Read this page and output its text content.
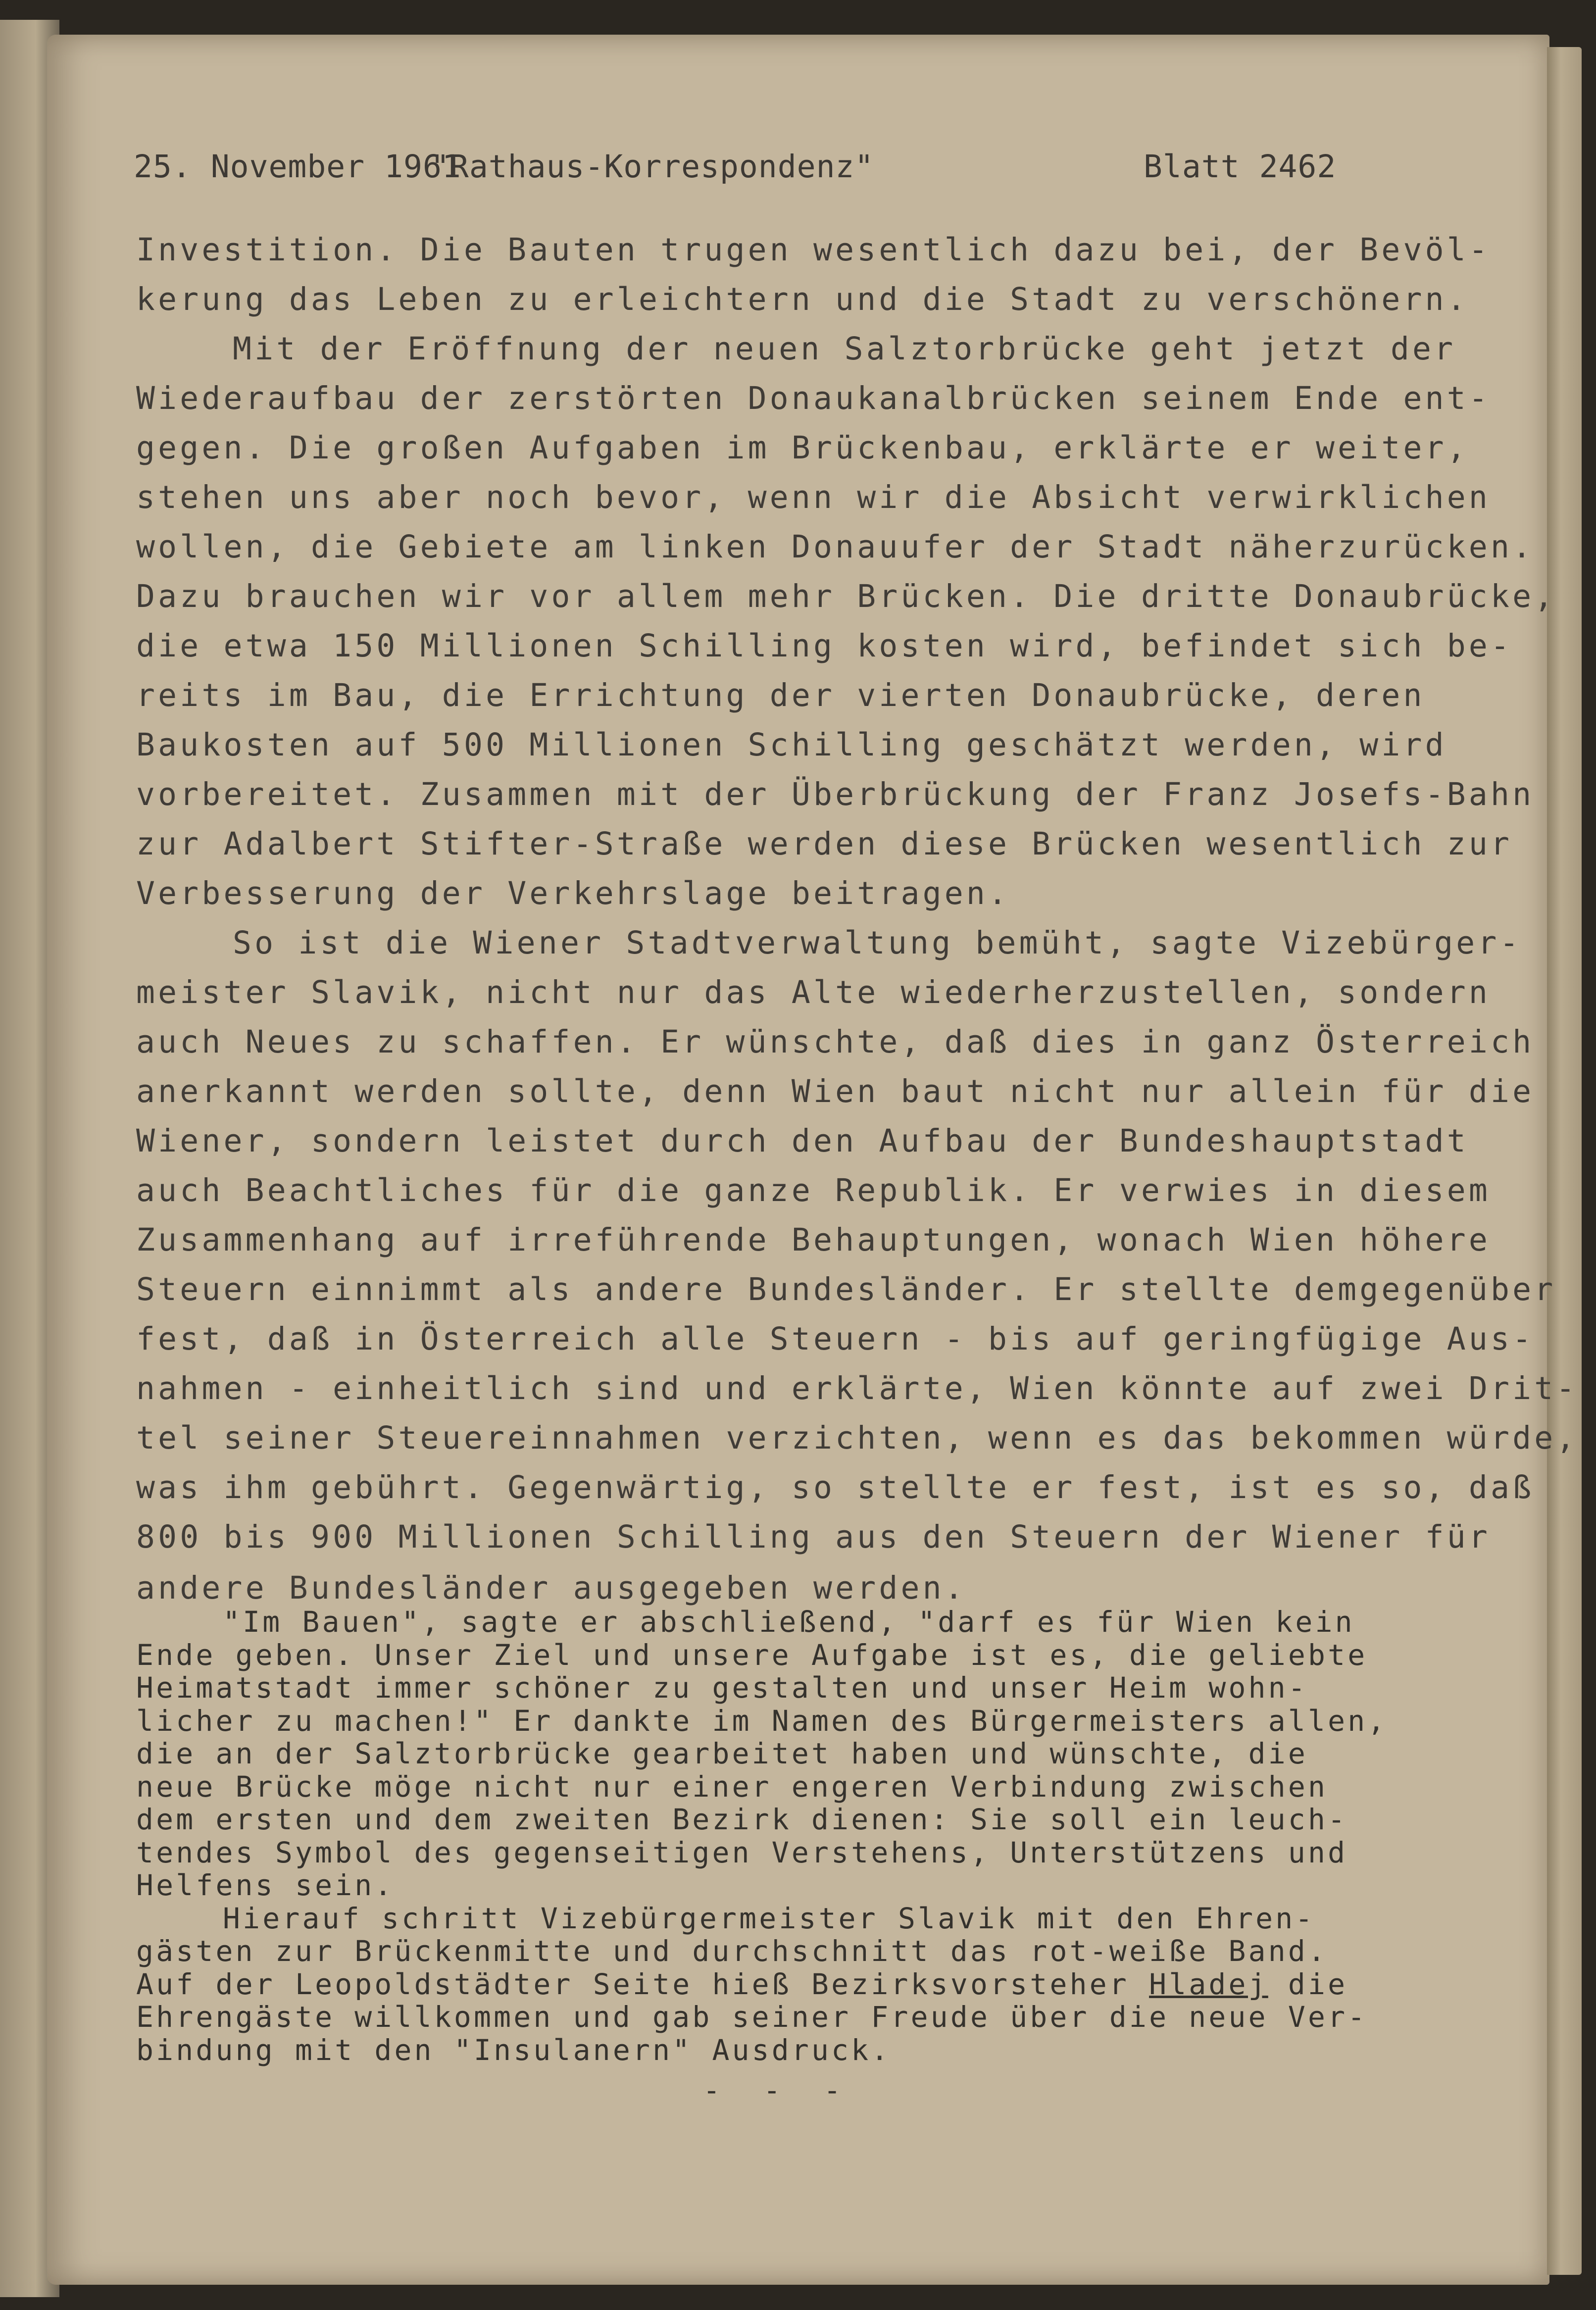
25. November 1961

"Rathaus-Korrespondenz"

	Blatt 2462

Investition. Die Bauten trugen wesentlich dazu bei, der Bevöl-
kerung das Leben zu erleichtern und die Stadt zu verschönern.
Mit der Eröffnung der neuen Salztorbrücke geht jetzt der
Wiederaufbau der zerstörten Donaukanalbrücken seinem Ende ent-
gegen. Die großen Aufgaben im Brückenbau, erklärte er weiter,
stehen uns aber noch bevor, wenn wir die Absicht verwirklichen
wollen, die Gebiete am linken Donauufer der Stadt näherzurücken.
Dazu brauchen wir vor allem mehr Brücken. Die dritte Donaubrücke,
die etwa 150 Millionen Schilling kosten wird, befindet sich be-
reits im Bau, die Errichtung der vierten Donaubrücke, deren
Baukosten auf 500 Millionen Schilling geschätzt werden, wird
vorbereitet. Zusammen mit der Überbrückung der Franz Josefs-Bahn
zur Adalbert Stifter-Straße werden diese Brücken wesentlich zur
Verbesserung der Verkehrslage beitragen.
So ist die Wiener Stadtverwaltung bemüht, sagte Vizebürger-
meister Slavik, nicht nur das Alte wiederherzustellen, sondern
auch Neues zu schaffen. Er wünschte, daß dies in ganz Österreich
anerkannt werden sollte, denn Wien baut nicht nur allein für die
Wiener, sondern leistet durch den Aufbau der Bundeshauptstadt
auch Beachtliches für die ganze Republik. Er verwies in diesem
Zusammenhang auf irreführende Behauptungen, wonach Wien höhere
Steuern einnimmt als andere Bundesländer. Er stellte demgegenüber
fest, daß in Österreich alle Steuern - bis auf geringfügige Aus-
nahmen - einheitlich sind und erklärte, Wien könnte auf zwei Drit-
tel seiner Steuereinnahmen verzichten, wenn es das bekommen würde,
was ihm gebührt. Gegenwärtig, so stellte er fest, ist es so, daß
800 bis 900 Millionen Schilling aus den Steuern der Wiener für
andere Bundesländer ausgegeben werden.
"Im Bauen", sagte er abschließend, "darf es für Wien kein
Ende geben. Unser Ziel und unsere Aufgabe ist es, die geliebte
Heimatstadt immer schöner zu gestalten und unser Heim wohn-
licher zu machen!" Er dankte im Namen des Bürgermeisters allen,
die an der Salztorbrücke gearbeitet haben und wünschte, die
neue Brücke möge nicht nur einer engeren Verbindung zwischen
dem ersten und dem zweiten Bezirk dienen: Sie soll ein leuch-
tendes Symbol des gegenseitigen Verstehens, Unterstützens und
Helfens sein.
Hierauf schritt Vizebürgermeister Slavik mit den Ehren-
gästen zur Brückenmitte und durchschnitt das rot-weiße Band.
Auf der Leopoldstädter Seite hieß Bezirksvorsteher Hladej die
Ehrengäste willkommen und gab seiner Freude über die neue Ver-
bindung mit den "Insulanern" Ausdruck.
- - -
